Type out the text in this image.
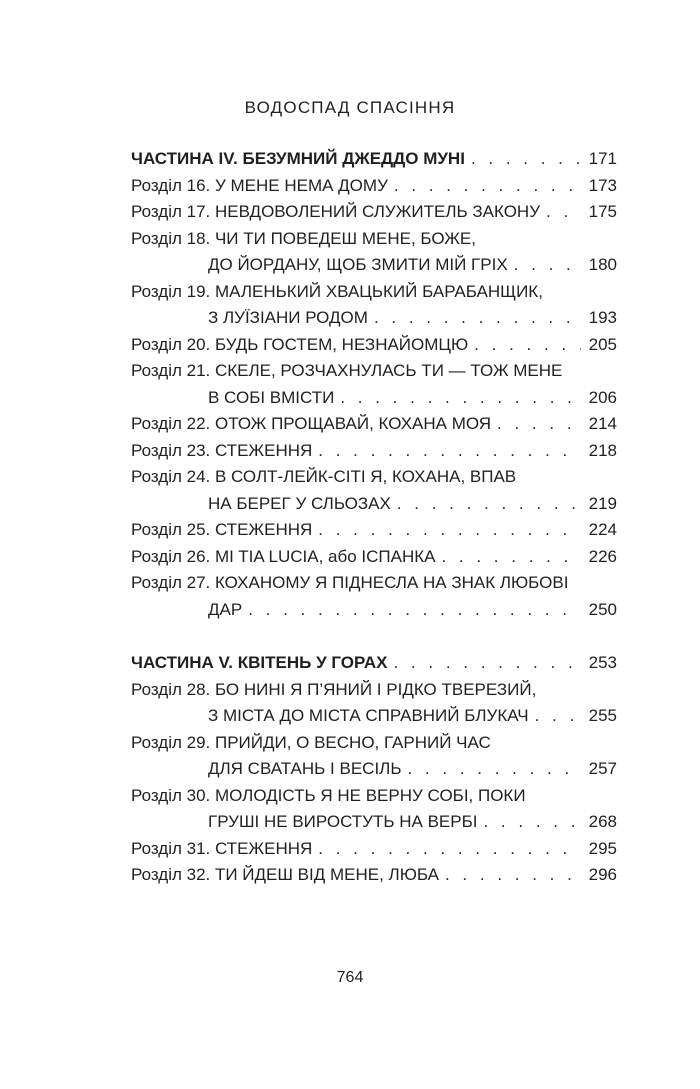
ВОДОСПАД СПАСІННЯ
ЧАСТИНА IV. БЕЗУМНИЙ ДЖЕДДО МУНІ . . .	171
Розділ 16. У МЕНЕ НЕМА ДОМУ . . .	173
Розділ 17. НЕВДОВОЛЕНИЙ СЛУЖИТЕЛЬ ЗАКОНУ . . .	175
Розділ 18. ЧИ ТИ ПОВЕДЕШ МЕНЕ, БОЖЕ,
ДО ЙОРДАНУ, ЩОБ ЗМИТИ МІЙ ГРІХ . . .	180
Розділ 19. МАЛЕНЬКИЙ ХВАЦЬКИЙ БАРАБАНЩИК,
З ЛУЇЗІАНИ РОДОМ . . .	193
Розділ 20. БУДЬ ГОСТЕМ, НЕЗНАЙОМЦЮ . . .	205
Розділ 21. СКЕЛЕ, РОЗЧАХНУЛАСЬ ТИ — ТОЖ МЕНЕ
В СОБІ ВМІСТИ . . .	206
Розділ 22. ОТОЖ ПРОЩАВАЙ, КОХАНА МОЯ . . .	214
Розділ 23. СТЕЖЕННЯ . . .	218
Розділ 24. В СОЛТ-ЛЕЙК-СІТІ Я, КОХАНА, ВПАВ
НА БЕРЕГ У СЛЬОЗАХ . . .	219
Розділ 25. СТЕЖЕННЯ . . .	224
Розділ 26. MI TIA LUCIA, або ІСПАНКА . . .	226
Розділ 27. КОХАНОМУ Я ПІДНЕСЛА НА ЗНАК ЛЮБОВІ
ДАР . . .	250
ЧАСТИНА V. КВІТЕНЬ У ГОРАХ . . .	253
Розділ 28. БО НИНІ Я П’ЯНИЙ І РІДКО ТВЕРЕЗИЙ,
З МІСТА ДО МІСТА СПРАВНИЙ БЛУКАЧ . . .	255
Розділ 29. ПРИЙДИ, О ВЕСНО, ГАРНИЙ ЧАС
ДЛЯ СВАТАНЬ І ВЕСІЛЬ . . .	257
Розділ 30. МОЛОДІСТЬ Я НЕ ВЕРНУ СОБІ, ПОКИ
ГРУШІ НЕ ВИРОСТУТЬ НА ВЕРБІ . . .	268
Розділ 31. СТЕЖЕННЯ . . .	295
Розділ 32. ТИ ЙДЕШ ВІД МЕНЕ, ЛЮБА . . .	296
764
